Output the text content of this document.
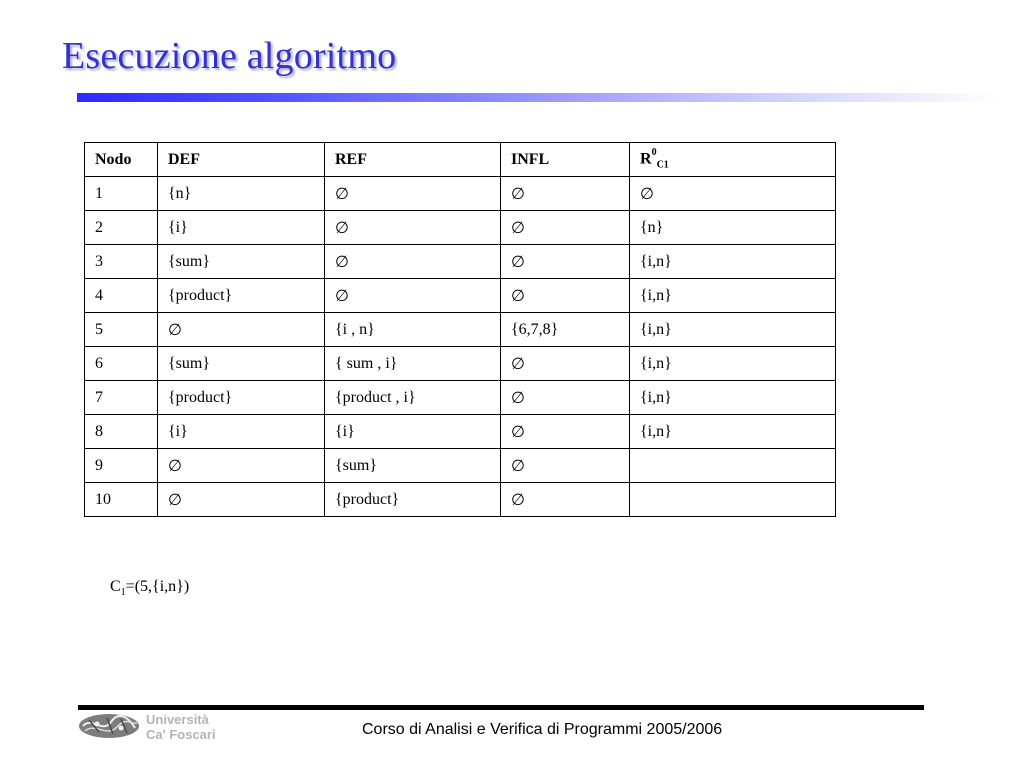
Esecuzione algoritmo
Nodo	DEF	REF	INFL	$R^0_{C1}$
1	{n}	∅	∅	∅
2	{i}	∅	∅	{n}
3	{sum}	∅	∅	{i,n}
4	{product}	∅	∅	{i,n}
5	∅	{i , n}	{6,7,8}	{i,n}
6	{sum}	{ sum , i}	∅	{i,n}
7	{product}	{product , i}	∅	{i,n}
8	{i}	{i}	∅	{i,n}
9	∅	{sum}	∅	
10	∅	{product}	∅	
$C_1=(5,\{i,n\})$
Università
Ca' Foscari	Corso di Analisi e Verifica di Programmi 2005/2006
